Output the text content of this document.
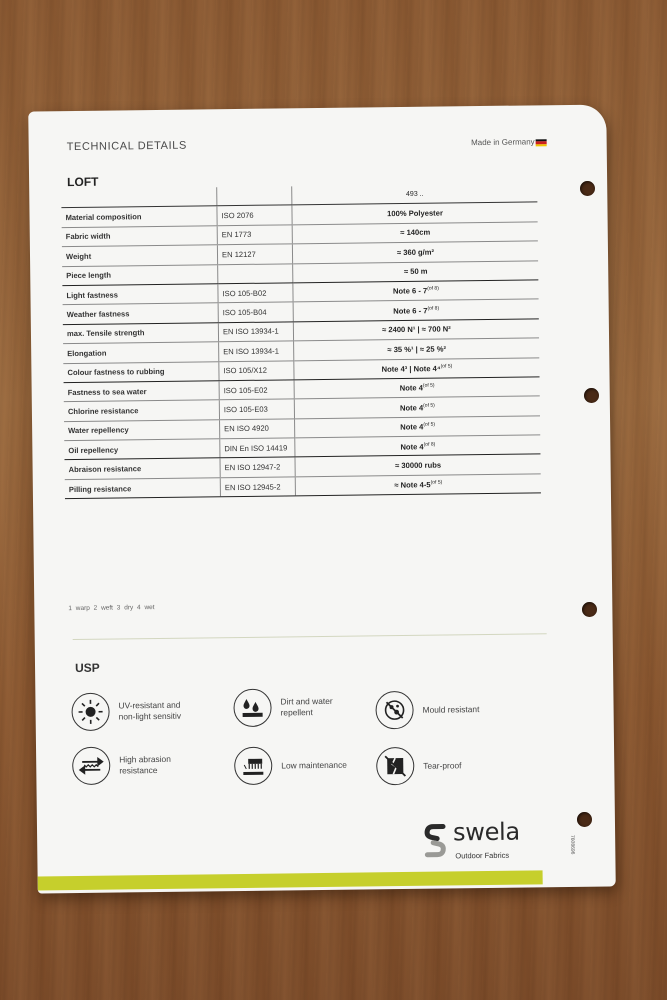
TECHNICAL DETAILS	Made in Germany
LOFT
		493 ..
Material composition	ISO 2076	100% Polyester
Fabric width	EN 1773	≈ 140cm
Weight	EN 12127	≈ 360 g/m²
Piece length		≈ 50 m
Light fastness	ISO 105-B02	Note $6 - 7^{(of 8)}$
Weather fastness	ISO 105-B04	Note $6 - 7^{(of 8)}$
max. Tensile strength	EN ISO 13934-1	≈ 2400 N¹ | ≈ 700 N²
Elongation	EN ISO 13934-1	≈ 35 %¹ | ≈ 25 %²
Colour fastness to rubbing	ISO 105/X12	Note 4³ | Note 4⁴$^{(of 5)}$
Fastness to sea water	ISO 105-E02	Note $4^{(of 5)}$
Chlorine resistance	ISO 105-E03	Note $4^{(of 5)}$
Water repellency	EN ISO 4920	Note $4^{(of 5)}$
Oil repellency	DIN En ISO 14419	Note $4^{(of 8)}$
Abraison resistance	EN ISO 12947-2	≈ 30000 rubs
Pilling resistance	EN ISO 12945-2	≈ Note $4-5^{(of 5)}$
1 warp 2 weft 3 dry 4 wet
USP
UV-resistant and
non-light sensitiv
Dirt and water
repellent	Mould resistant
High abrasion
resistance
Low maintenance	Tear-proof
swela
Outdoor Fabrics
7608696
